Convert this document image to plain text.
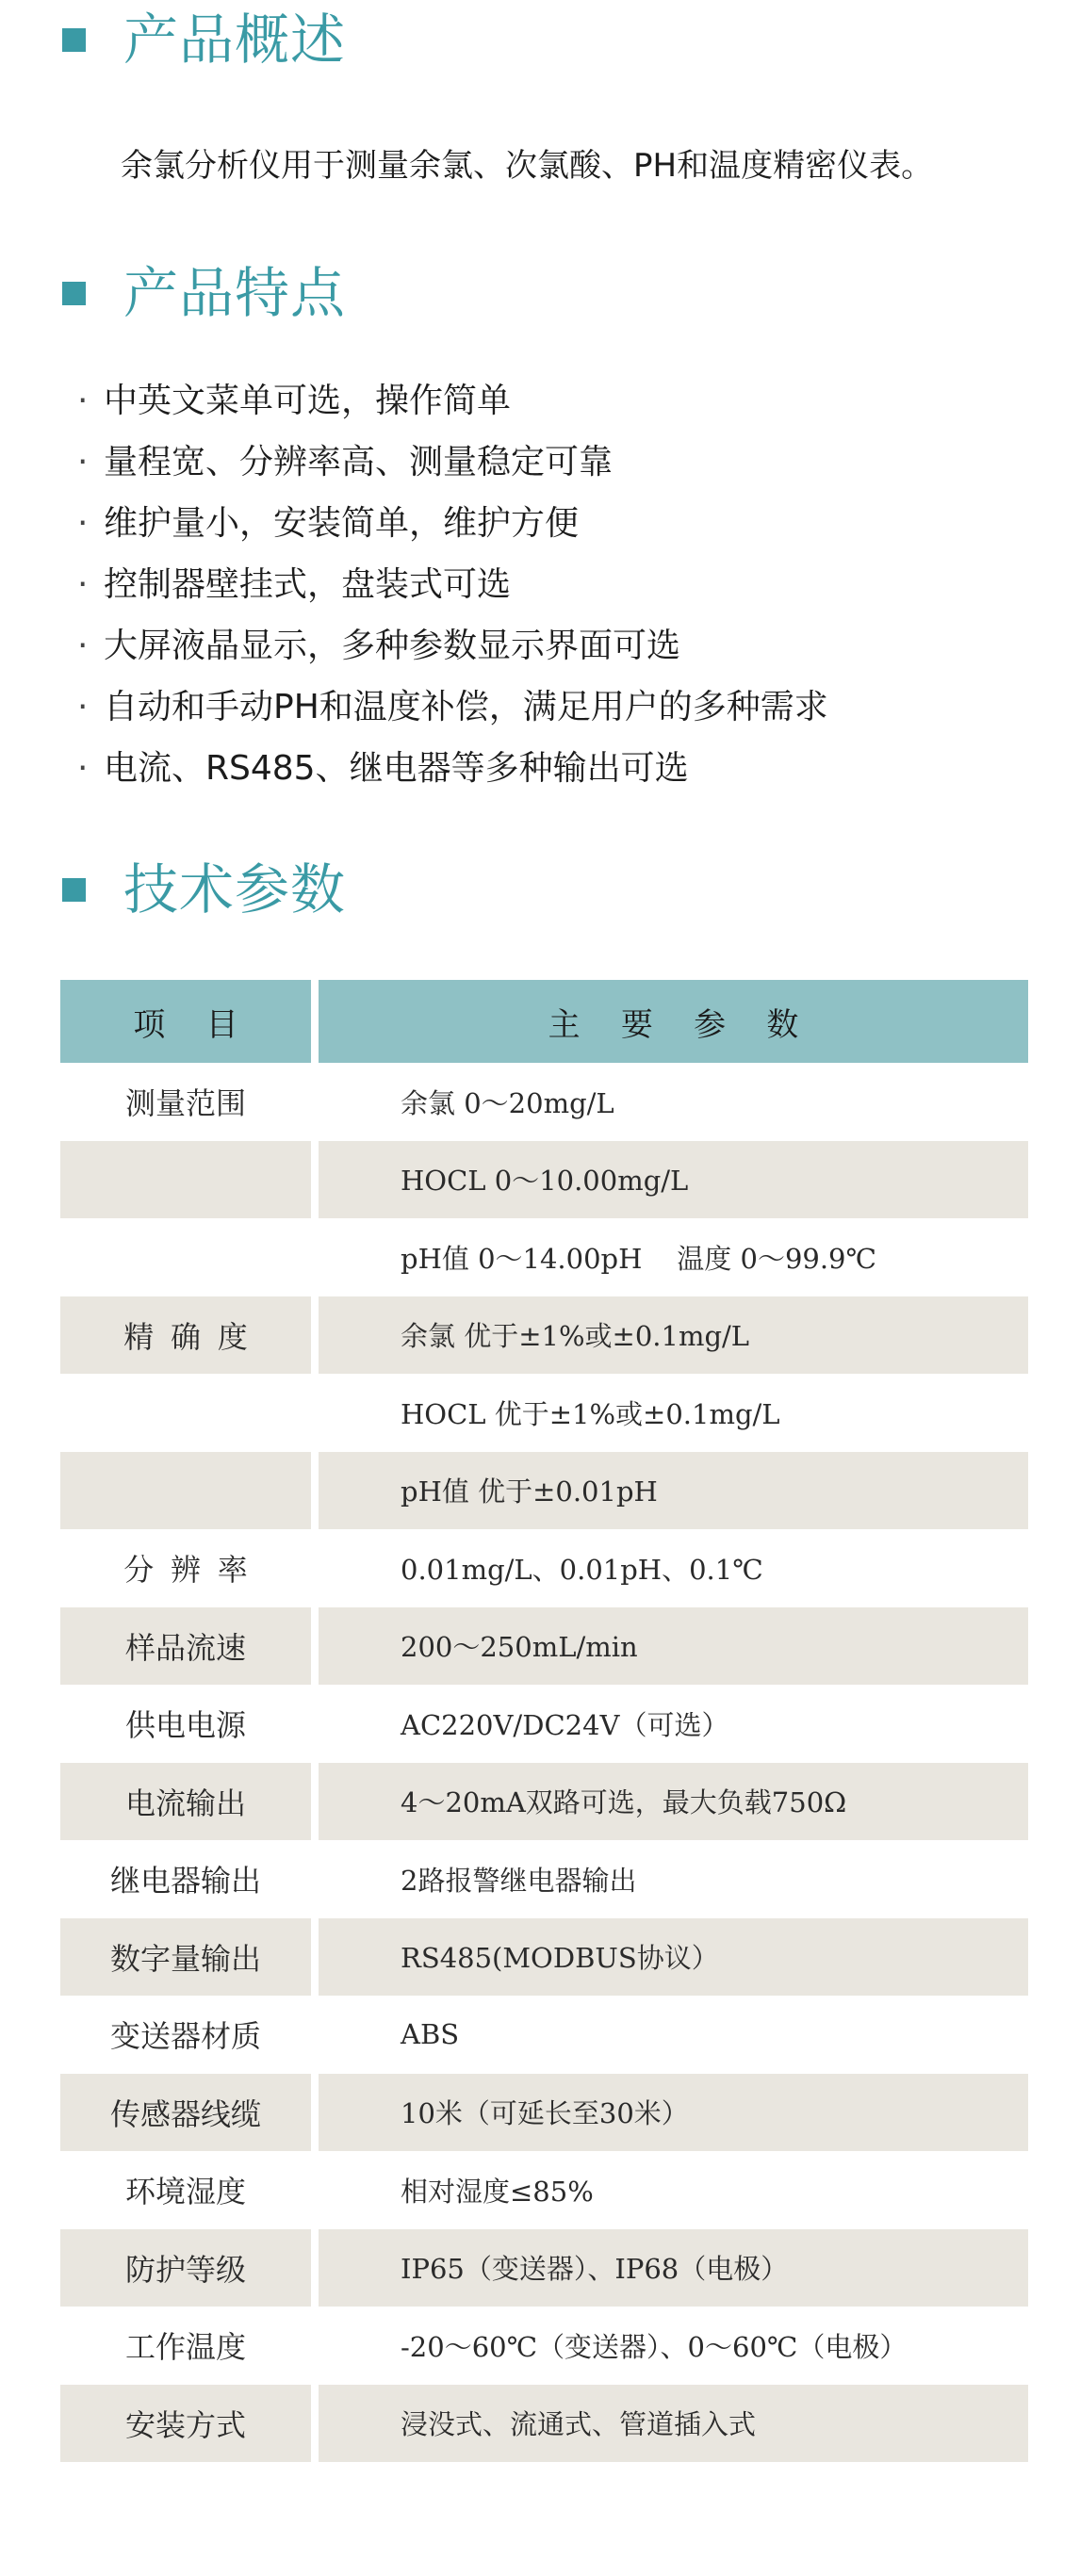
产品概述

余氯分析仪用于测量余氯、次氯酸、PH和温度精密仪表。

产品特点
· 中英文菜单可选，操作简单
· 量程宽、分辨率高、测量稳定可靠
· 维护量小，安装简单，维护方便
· 控制器壁挂式，盘装式可选
· 大屏液晶显示，多种参数显示界面可选
· 自动和手动PH和温度补偿，满足用户的多种需求
· 电流、RS485、继电器等多种输出可选
技术参数
项    目	主    要    参    数
测量范围	余氯 0～20mg/L
HOCL 0～10.00mg/L
pH值 0～14.00pH    温度 0～99.9℃
精  确  度	余氯 优于±1%或±0.1mg/L
HOCL 优于±1%或±0.1mg/L
pH值 优于±0.01pH
分  辨  率	0.01mg/L、0.01pH、0.1℃
样品流速	200～250mL/min
供电电源	AC220V/DC24V（可选）
电流输出	4～20mA双路可选，最大负载750Ω
继电器输出	2路报警继电器输出
数字量输出	RS485(MODBUS协议）
变送器材质	ABS
传感器线缆	10米（可延长至30米）
环境湿度	相对湿度≤85%
防护等级	IP65（变送器）、IP68（电极）
工作温度	-20～60℃（变送器）、0～60℃（电极）
安装方式	浸没式、流通式、管道插入式
